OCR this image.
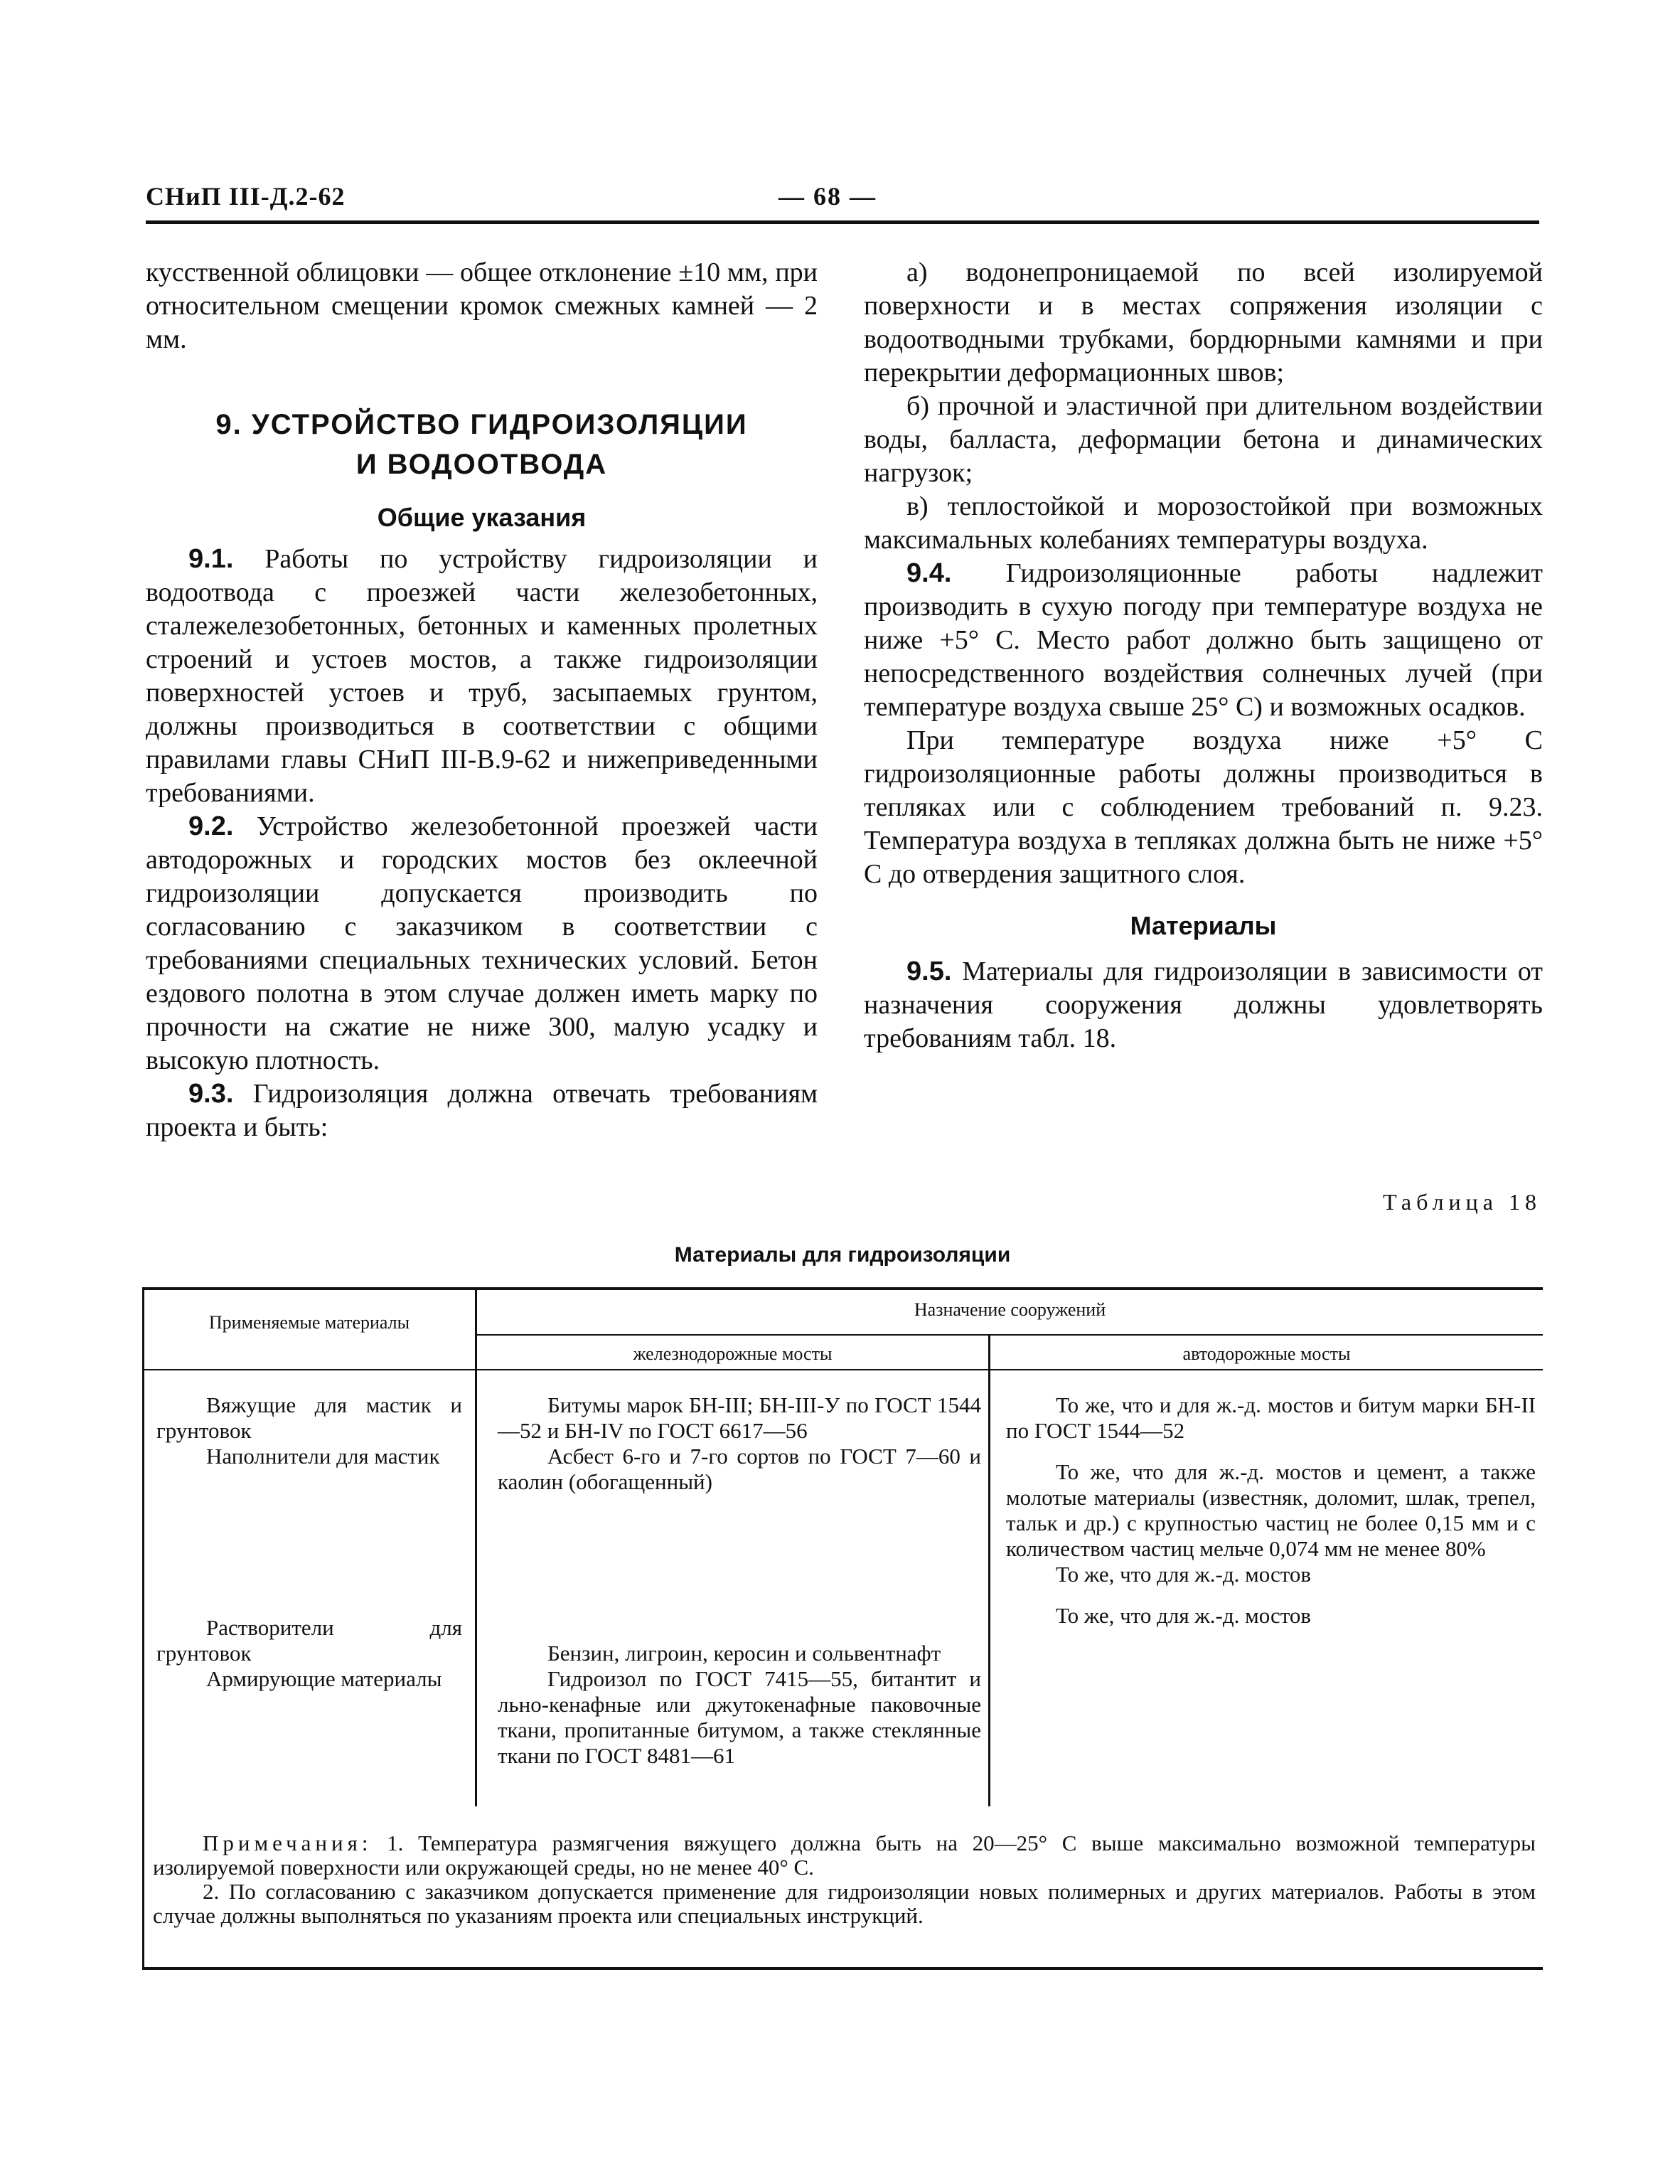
СНиП III-Д.2-62	— 68 —

кусственной облицовки — общее отклонение ±10 мм, при относительном смещении кромок смежных камней — 2 мм.

9. УСТРОЙСТВО ГИДРОИЗОЛЯЦИИ
И ВОДООТВОДА
Общие указания

9.1. Работы по устройству гидроизоляции и водоотвода с проезжей части железобетонных, сталежелезобетонных, бетонных и каменных пролетных строений и устоев мостов, а также гидроизоляции поверхностей устоев и труб, засыпаемых грунтом, должны производиться в соответствии с общими правилами главы СНиП III-В.9-62 и нижеприведенными требованиями.

9.2. Устройство железобетонной проезжей части автодорожных и городских мостов без оклеечной гидроизоляции допускается производить по согласованию с заказчиком в соответствии с требованиями специальных технических условий. Бетон ездового полотна в этом случае должен иметь марку по прочности на сжатие не ниже 300, малую усадку и высокую плотность.

9.3. Гидроизоляция должна отвечать требованиям проекта и быть:

а) водонепроницаемой по всей изолируемой поверхности и в местах сопряжения изоляции с водоотводными трубками, бордюрными камнями и при перекрытии деформационных швов;

б) прочной и эластичной при длительном воздействии воды, балласта, деформации бетона и динамических нагрузок;

в) теплостойкой и морозостойкой при возможных максимальных колебаниях температуры воздуха.

9.4. Гидроизоляционные работы надлежит производить в сухую погоду при температуре воздуха не ниже +5° С. Место работ должно быть защищено от непосредственного воздействия солнечных лучей (при температуре воздуха свыше 25° С) и возможных осадков.

При температуре воздуха ниже +5° С гидроизоляционные работы должны производиться в тепляках или с соблюдением требований п. 9.23. Температура воздуха в тепляках должна быть не ниже +5° С до отвердения защитного слоя.

Материалы

9.5. Материалы для гидроизоляции в зависимости от назначения сооружения должны удовлетворять требованиям табл. 18.

Таблица 18
Материалы для гидроизоляции
Применяемые материалы
Назначение сооружений
железнодорожные мосты	автодорожные мосты

Вяжущие для мастик и грунтовок

Наполнители для мастик

Растворители для грунтовок

Армирующие материалы

Битумы марок БН-III; БН-III-У по ГОСТ 1544—52 и БН-IV по ГОСТ 6617—56

Асбест 6-го и 7-го сортов по ГОСТ 7—60 и каолин (обогащенный)

Бензин, лигроин, керосин и сольвентнафт

Гидроизол по ГОСТ 7415—55, битантит и льно-кенафные или джутокенафные паковочные ткани, пропитанные битумом, а также стеклянные ткани по ГОСТ 8481—61

То же, что и для ж.-д. мостов и битум марки БН-II по ГОСТ 1544—52

То же, что для ж.-д. мостов и цемент, а также молотые материалы (известняк, доломит, шлак, трепел, тальк и др.) с крупностью частиц не более 0,15 мм и с количеством частиц мельче 0,074 мм не менее 80%

То же, что для ж.-д. мостов

То же, что для ж.-д. мостов

Примечания: 1. Температура размягчения вяжущего должна быть на 20—25° С выше максимально возможной температуры изолируемой поверхности или окружающей среды, но не менее 40° С.

2. По согласованию с заказчиком допускается применение для гидроизоляции новых полимерных и других материалов. Работы в этом случае должны выполняться по указаниям проекта или специальных инструкций.
